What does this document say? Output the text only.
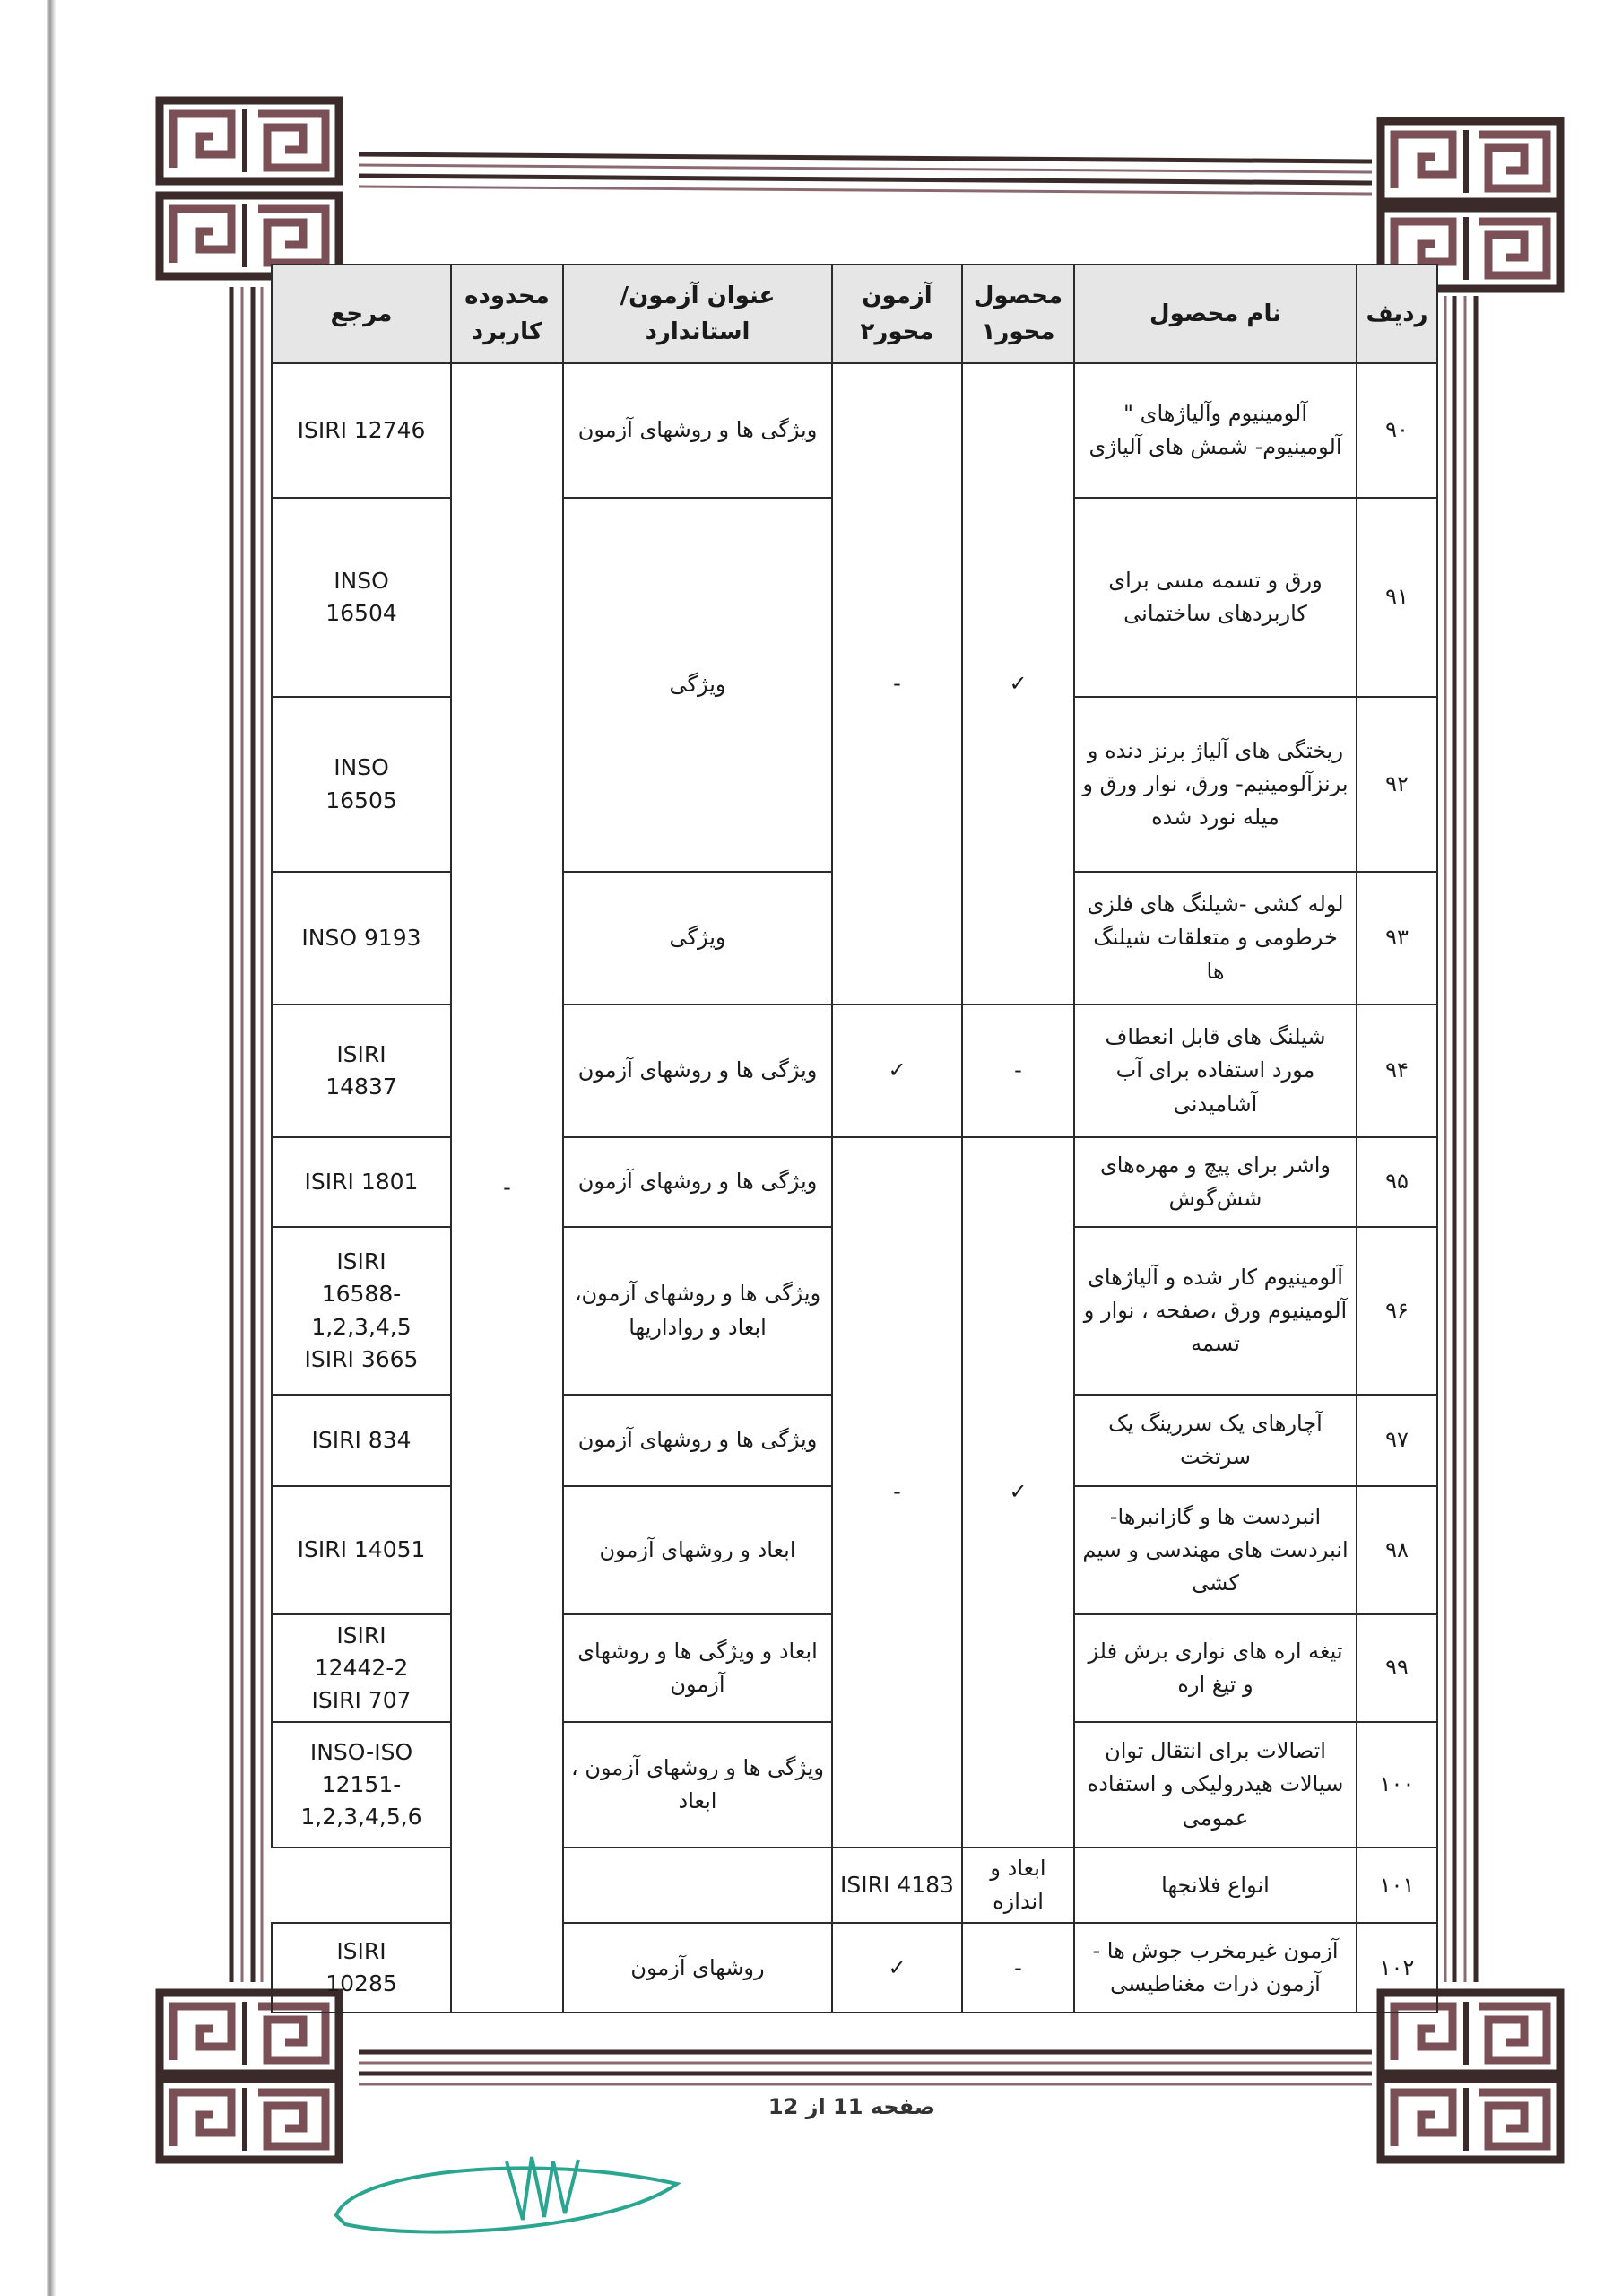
ردیف	نام محصول	محصول محور۱	آزمون محور۲	عنوان آزمون/استاندارد	محدوده کاربرد	مرجع
۹۰	آلومینیوم وآلیاژهای " آلومینیوم- شمش های آلیاژی	✓	-	ویژگی ها و روشهای آزمون	-	ISIRI 12746

۹۱	ورق و تسمه مسی برای کاربردهای ساختمانی			ویژگی		INSO
16504

۹۲	ریختگی های آلیاژ برنز دنده و برنزآلومینیم- ورق، نوار ورق و میله نورد شده					INSO
16505

۹۳	لوله کشی -شیلنگ های فلزی خرطومی و متعلقات شیلنگ ها			ویژگی		INSO 9193

۹۴	شیلنگ های قابل انعطاف مورد استفاده برای آب آشامیدنی	-	✓	ویژگی ها و روشهای آزمون		ISIRI
14837

۹۵	واشر برای پیچ و مهره‌های شش‌گوش	✓	-	ویژگی ها و روشهای آزمون		ISIRI 1801

۹۶	آلومینیوم کار شده و آلیاژهای آلومینیوم ورق ،صفحه ، نوار و تسمه			ویژگی ها و روشهای آزمون، ابعاد و رواداریها		ISIRI
16588-
1,2,3,4,5
ISIRI 3665

۹۷	آچارهای یک سررینگ یک سرتخت			ویژگی ها و روشهای آزمون		ISIRI 834

۹۸	انبردست ها و گازانبرها- انبردست های مهندسی و سیم کشی			ابعاد و روشهای آزمون		ISIRI 14051

۹۹	تیغه اره های نواری برش فلز و تیغ اره			ابعاد و ویژگی ها و روشهای آزمون		ISIRI
12442-2
ISIRI 707

۱۰۰	اتصالات برای انتقال توان سیالات هیدرولیکی و استفاده عمومی			ویژگی ها و روشهای آزمون ، ابعاد		INSO-ISO
12151-
1,2,3,4,5,6

۱۰۱	انواع فلانجها	ابعاد و اندازه	ISIRI 4183			

۱۰۲	آزمون غیرمخرب جوش ها - آزمون ذرات مغناطیسی	-	✓	روشهای آزمون		ISIRI
10285
صفحه 11 از 12
